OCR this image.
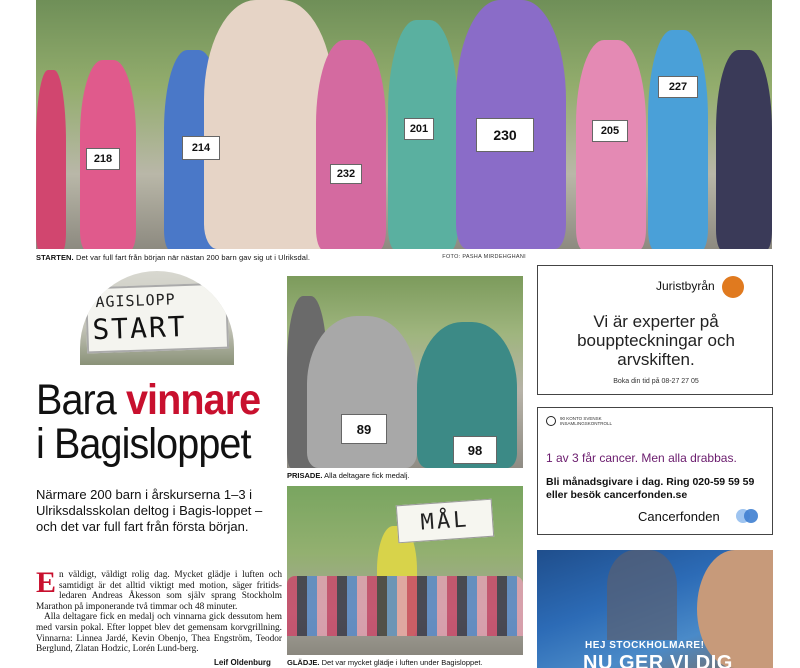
218
214
201	230	205
227
232
STARTEN. Det var full fart från början när nästan 200 barn gav sig ut i Ulriksdal.	FOTO: PASHA MIRDEHGHANI
AGISLOPP
START
Bara vinnare
i Bagisloppet
Närmare 200 barn i årskurserna 1–3 i Ulriksdalsskolan deltog i Bagis-loppet – och det var full fart från första början.

En väldigt, väldigt rolig dag. Mycket glädje i luften och samtidigt är det alltid viktigt med motion, säger fritids-ledaren Andreas Åkesson som själv sprang Stockholm Marathon på imponerande två timmar och 48 minuter.

Alla deltagare fick en medalj och vinnarna gick dessutom hem med varsin pokal. Efter loppet blev det gemensam korvgrillning. Vinnarna: Linnea Jardé, Kevin Obenjo, Thea Engström, Teodor Berglund, Zlatan Hodzic, Lorén Lund-berg.

Leif Oldenburg
89
98
PRISADE. Alla deltagare fick medalj.
MÅL
GLÄDJE. Det var mycket glädje i luften under Bagisloppet.
Juristbyrån
Vi är experter på bouppteckningar och arvskiften.
Boka din tid på 08-27 27 05
90 KONTO SVENSK INSAMLINGSKONTROLL
1 av 3 får cancer. Men alla drabbas.
Bli månadsgivare i dag. Ring 020-59 59 59
eller besök cancerfonden.se
Cancerfonden
HEJ STOCKHOLMARE!
NU GER VI DIG
